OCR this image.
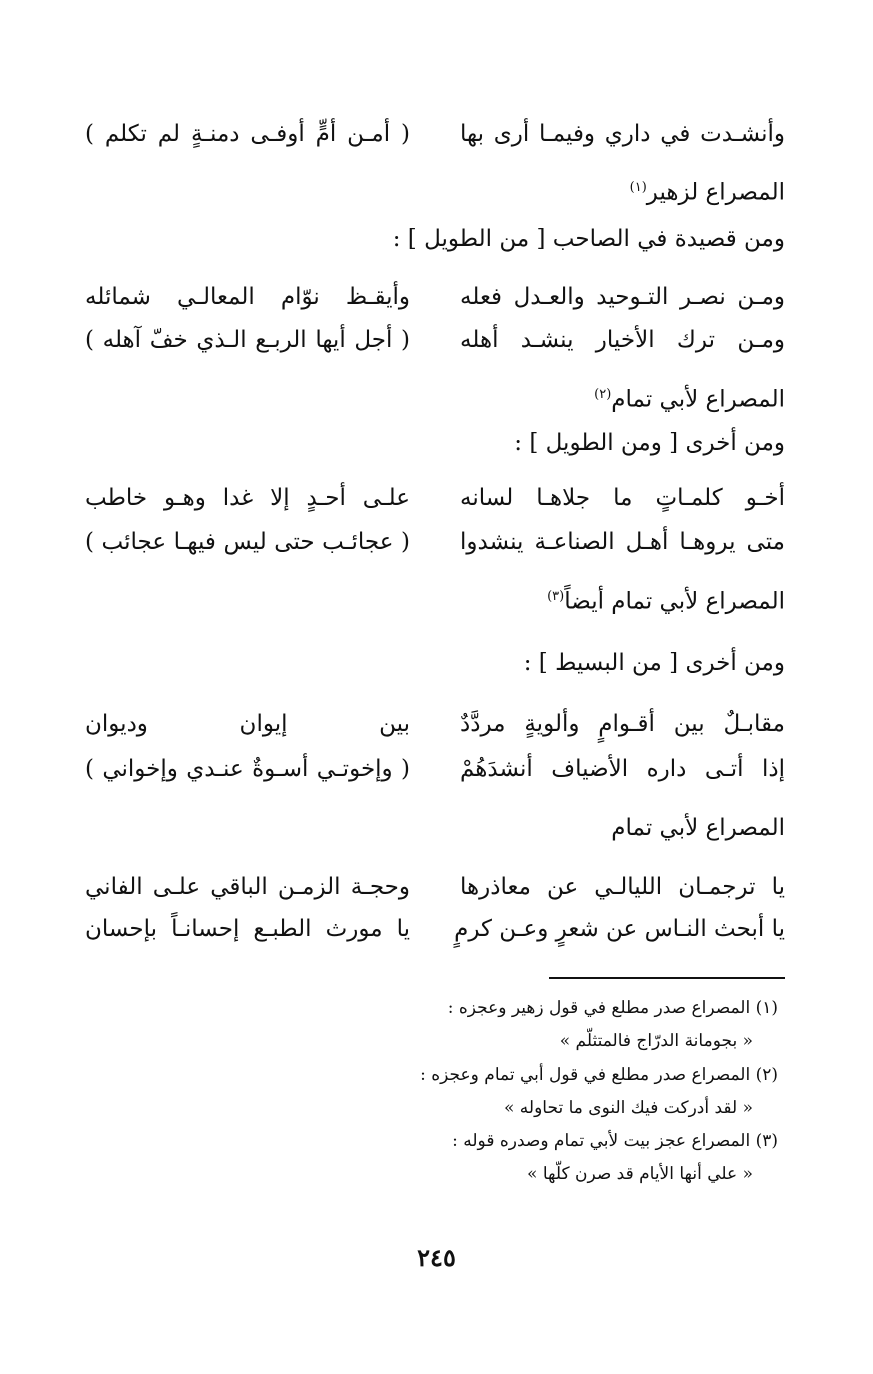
وأنشـدت في داري وفيمـا أرى بها
( أمـن أمٍّ أوفـى دمنـةٍ لم تكلم )
المصراع لزهير$^{(١)}$
ومن قصيدة في الصاحب [ من الطويل ] :
ومـن نصـر التـوحيد والعـدل فعله
وأيقـظ نوّام المعالـي شمائله
ومـن ترك الأخيار ينشـد أهله
( أجل أيها الربـع الـذي خفّ آهله )
المصراع لأبي تمام$^{(٢)}$
ومن أخرى [ ومن الطويل ] :
أخـو كلمـاتٍ ما جلاهـا لسانه
علـى أحـدٍ إلا غدا وهـو خاطب
متى يروهـا أهـل الصناعـة ينشدوا
( عجائـب حتى ليس فيهـا عجائب )
المصراع لأبي تمام أيضاً$^{(٣)}$
ومن أخرى [ من البسيط ] :
مقابـلٌ بين أقـوامٍ وألويةٍ مردَّدٌ
بين إيوان وديوان
إذا أتـى داره الأضياف أنشدَهُمْ
( وإخوتـي أسـوةٌ عنـدي وإخواني )
المصراع لأبي تمام
يا ترجمـان الليالـي عن معاذرها
وحجـة الزمـن الباقي علـى الفاني
يا أبحث النـاس عن شعرٍ وعـن كرمٍ
يا مورث الطبـع إحسانـاً بإحسان
(١) المصراع صدر مطلع في قول زهير وعجزه :
« بجومانة الدرّاج فالمتثلّم »
(٢) المصراع صدر مطلع في قول أبي تمام وعجزه :
« لقد أدركت فيك النوى ما تحاوله »
(٣) المصراع عجز بيت لأبي تمام وصدره قوله :
« علي أنها الأيام قد صرن كلّها »
٢٤٥
